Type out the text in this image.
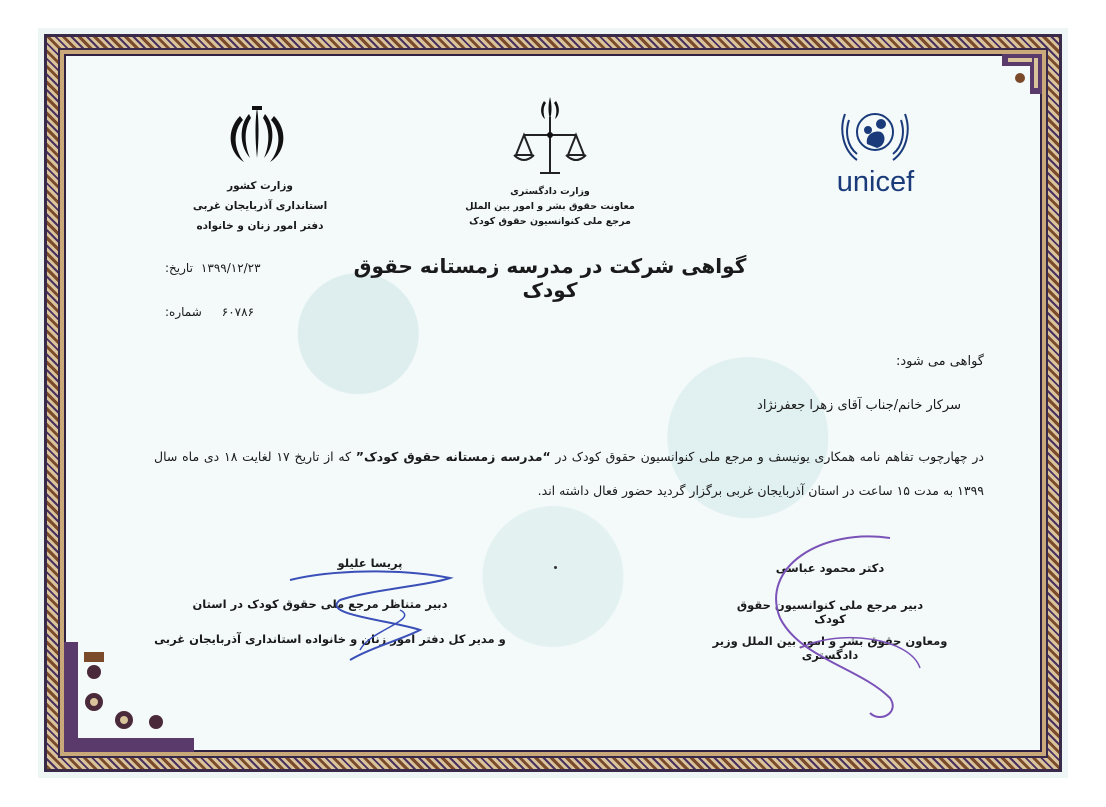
unicef
وزارت کشور
استانداری آذربایجان غربی
دفتر امور زنان و خانواده
وزارت دادگستری
معاونت حقوق بشر و امور بین الملل
مرجع ملی کنوانسیون حقوق کودک
گواهی شرکت در مدرسه زمستانه حقوق کودک
تاریخ: ۱۳۹۹/۱۲/۲۳
شماره: ۶۰۷۸۶
گواهی می شود:
سرکار خانم/جناب آقای زهرا جعفرنژاد
در چهارچوب تفاهم نامه همکاری یونیسف و مرجع ملی کنوانسیون حقوق کودک در “مدرسه زمستانه حقوق کودک” که از تاریخ ۱۷ لغایت ۱۸ دی ماه سال ۱۳۹۹ به مدت ۱۵ ساعت در استان آذربایجان غربی برگزار گردید حضور فعال داشته اند.
پریسا علیلو
دبیر متناظر مرجع ملی حقوق کودک در استان
و مدیر کل دفتر امور زنان و خانواده استانداری آذربایجان غربی
دکتر محمود عباسی
دبیر مرجع ملی کنوانسیون حقوق کودک
ومعاون حقوق بشر و امور بین الملل وزیر دادگستری
